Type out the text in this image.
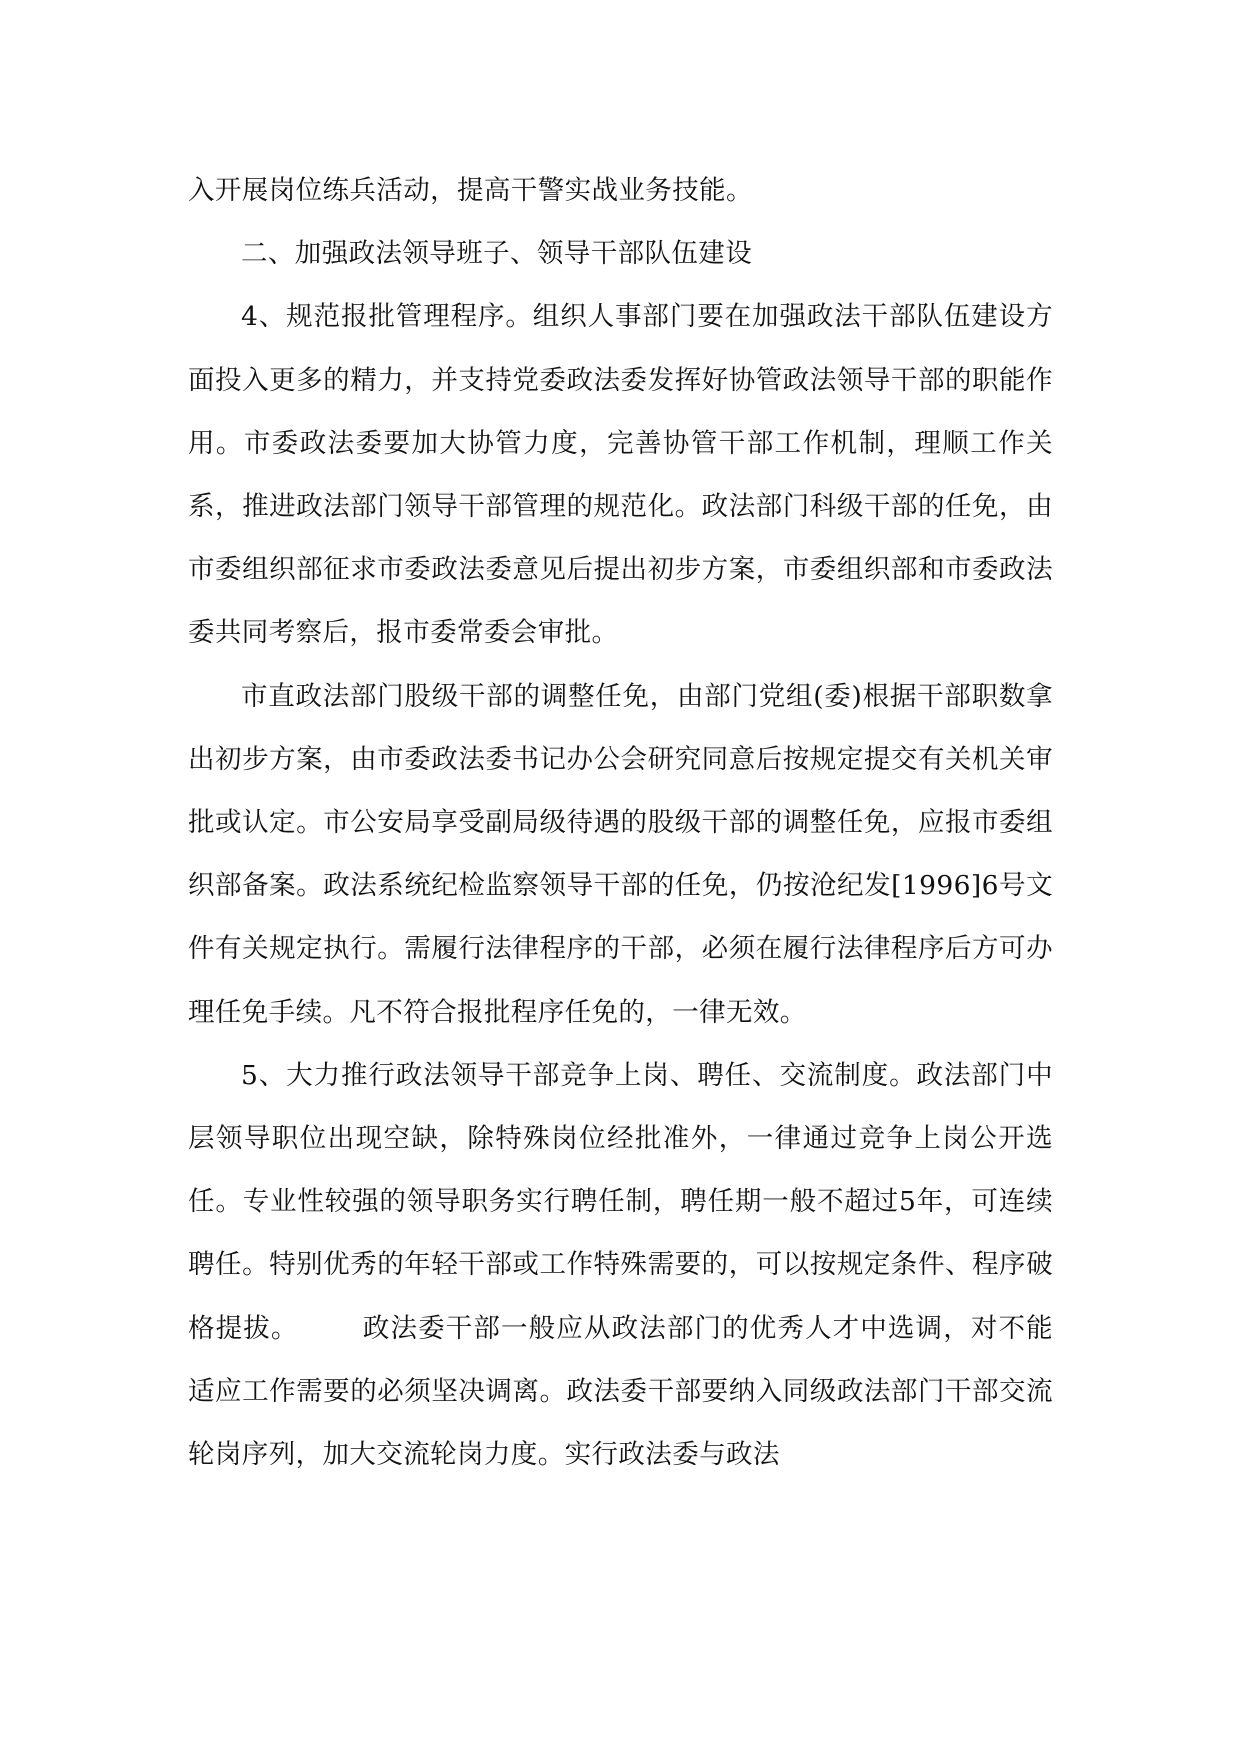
入开展岗位练兵活动，提高干警实战业务技能。

二、加强政法领导班子、领导干部队伍建设

4、规范报批管理程序。组织人事部门要在加强政法干部队伍建设方面投入更多的精力，并支持党委政法委发挥好协管政法领导干部的职能作用。市委政法委要加大协管力度，完善协管干部工作机制，理顺工作关系，推进政法部门领导干部管理的规范化。政法部门科级干部的任免，由市委组织部征求市委政法委意见后提出初步方案，市委组织部和市委政法委共同考察后，报市委常委会审批。

市直政法部门股级干部的调整任免，由部门党组(委)根据干部职数拿出初步方案，由市委政法委书记办公会研究同意后按规定提交有关机关审批或认定。市公安局享受副局级待遇的股级干部的调整任免，应报市委组织部备案。政法系统纪检监察领导干部的任免，仍按沧纪发[1996]6号文件有关规定执行。需履行法律程序的干部，必须在履行法律程序后方可办理任免手续。凡不符合报批程序任免的，一律无效。

5、大力推行政法领导干部竞争上岗、聘任、交流制度。政法部门中层领导职位出现空缺，除特殊岗位经批准外，一律通过竞争上岗公开选任。专业性较强的领导职务实行聘任制，聘任期一般不超过5年，可连续聘任。特别优秀的年轻干部或工作特殊需要的，可以按规定条件、程序破格提拔。 政法委干部一般应从政法部门的优秀人才中选调，对不能适应工作需要的必须坚决调离。政法委干部要纳入同级政法部门干部交流轮岗序列，加大交流轮岗力度。实行政法委与政法
